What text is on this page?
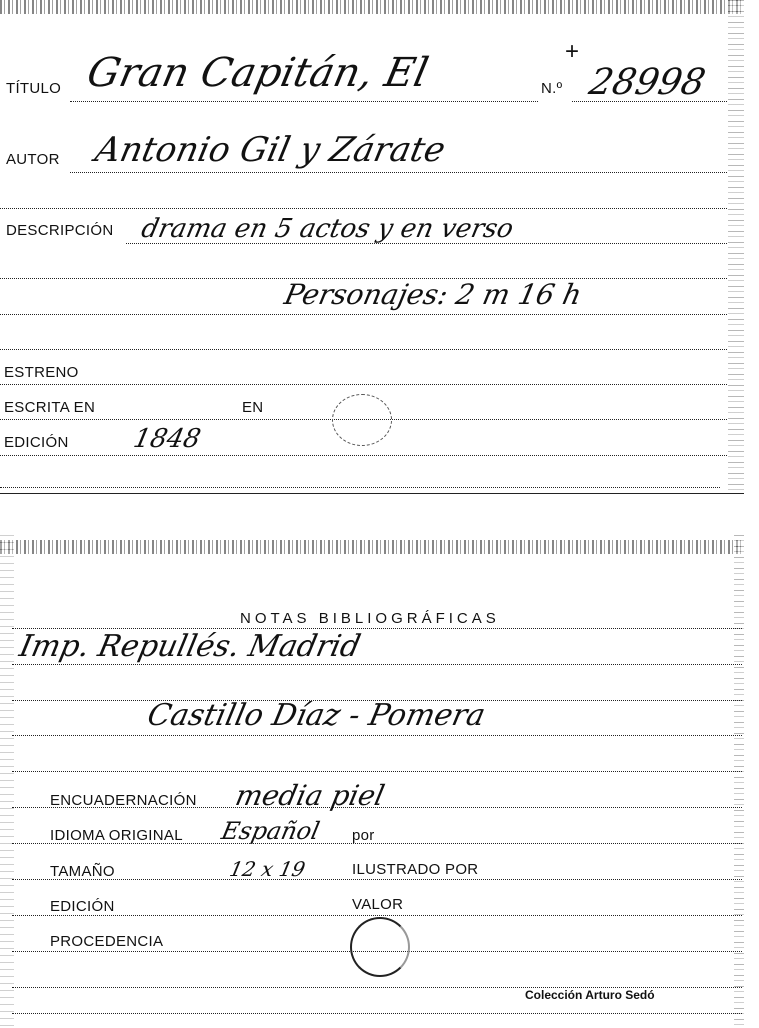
TÍTULO Gran Capitán, El	N.º 28998
+
AUTOR Antonio Gil y Zárate
DESCRIPCIÓN drama en 5 actos y en verso
Personajes: 2 m 16 h
ESTRENO
ESCRITA EN	EN
EDICIÓN 1848
NOTAS BIBLIOGRÁFICAS
Imp. Repullés. Madrid
Castillo Díaz - Pomera
ENCUADERNACIÓN media piel
IDIOMA ORIGINAL Español por
TAMAÑO	12 x 19	ILUSTRADO POR
EDICIÓN	VALOR
PROCEDENCIA
Colección Arturo Sedó
